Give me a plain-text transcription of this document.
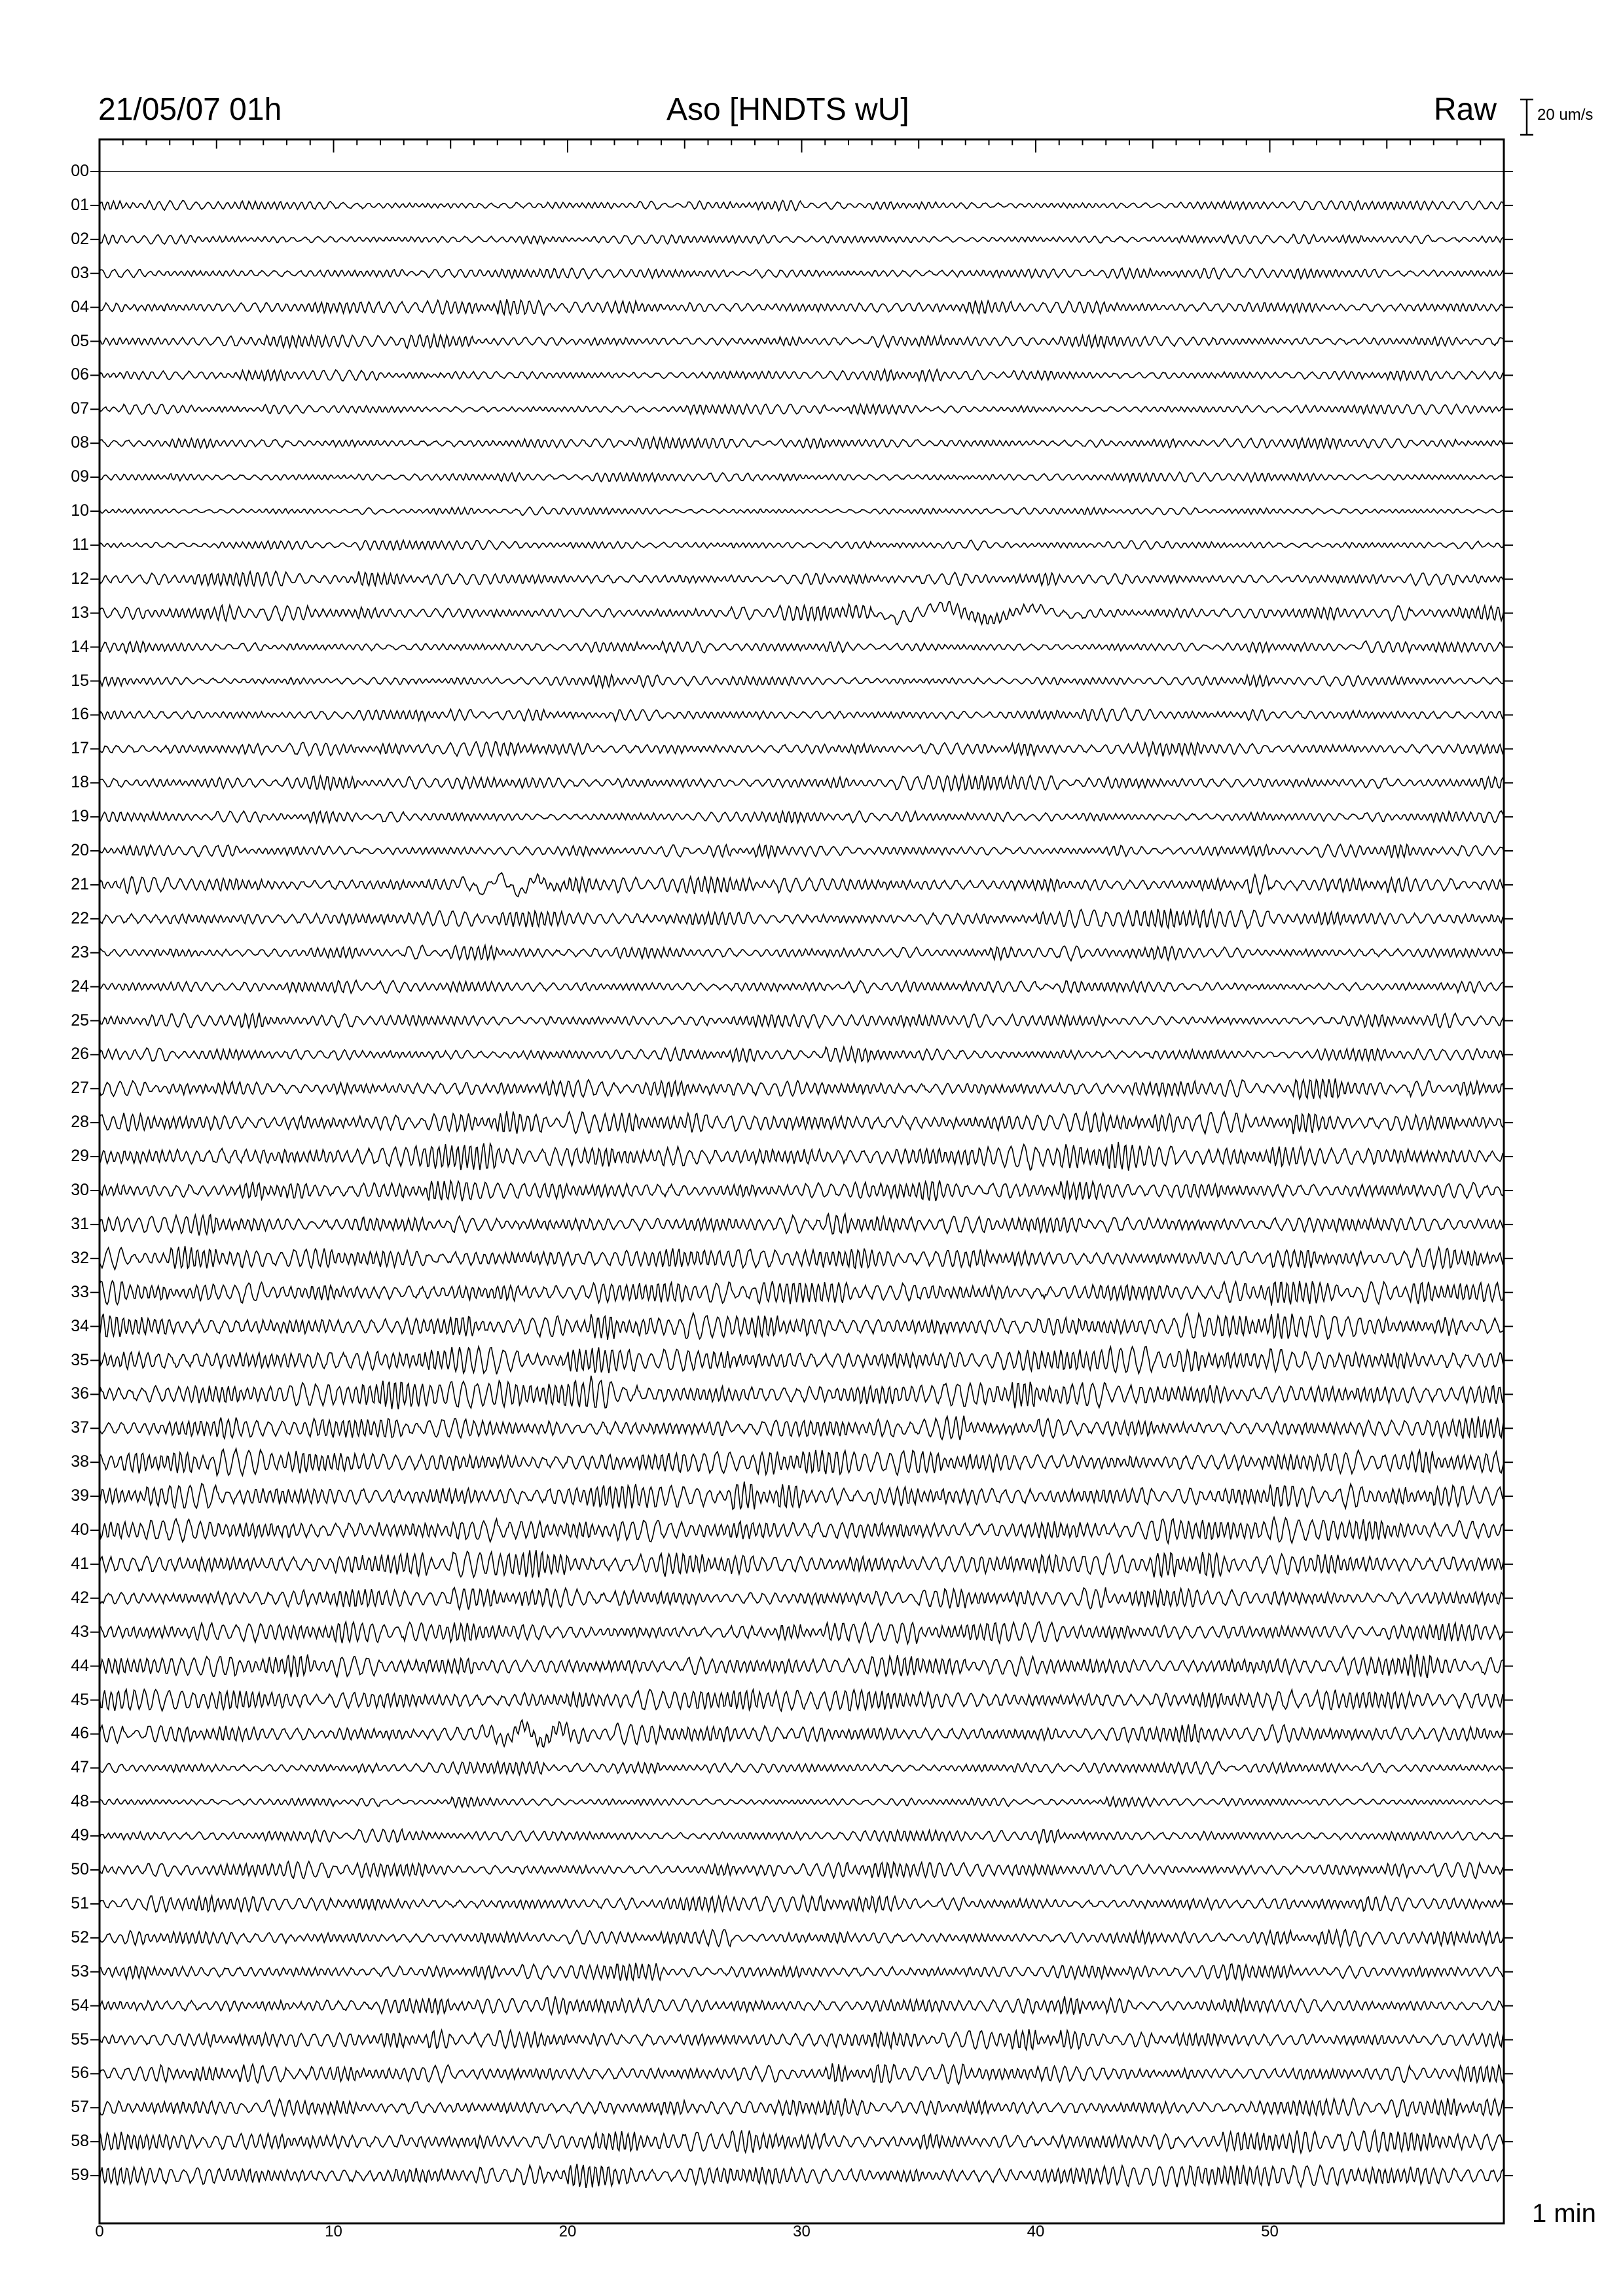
21/05/07 01h	Aso [HNDTS wU]	Raw	20 um/s
1 min
00
01
02
03
04
05
06
07
08
09
10
11
12
13
14
15
16
17
18
19
20
21
22
23
24
25
26
27
28
29
30
31
32
33
34
35
36
37
38
39
40
41
42
43
44
45
46
47
48
49
50
51
52
53
54
55
56
57
58
59
0	10	20	30	40	50
